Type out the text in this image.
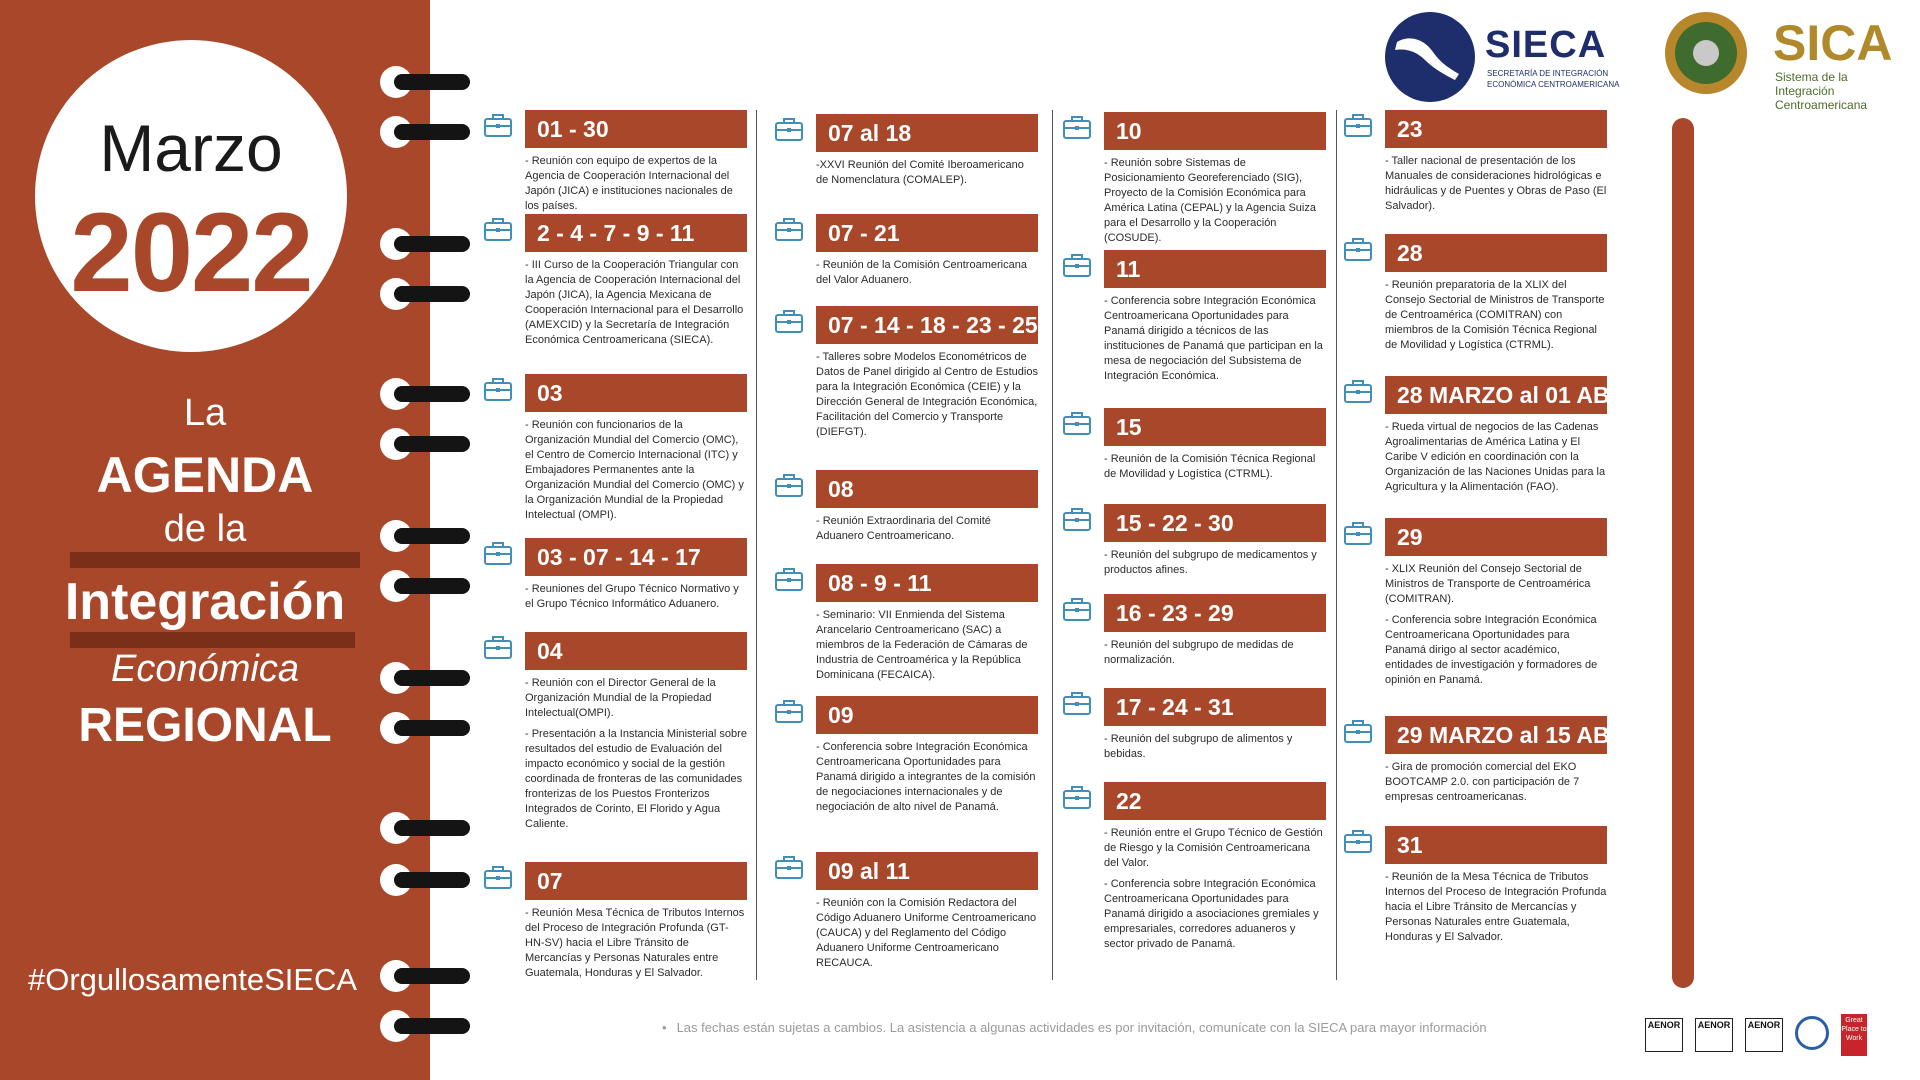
Marzo
2022
La
AGENDA
de la
Integración
Económica
REGIONAL
#OrgullosamenteSIECA
SIECA
SECRETARÍA DE INTEGRACIÓN
ECONÓMICA CENTROAMERICANA
SICA
Sistema de la Integración
Centroamericana
01 - 30

- Reunión con equipo de expertos de la Agencia de Cooperación Internacional del Japón (JICA) e instituciones nacionales de los países.

2 - 4 - 7 - 9 - 11

- III Curso de la Cooperación Triangular con la Agencia de Cooperación Internacional del Japón (JICA), la Agencia Mexicana de Cooperación Internacional para el Desarrollo (AMEXCID) y la Secretaría de Integración Económica Centroamericana (SIECA).

03

- Reunión con funcionarios de la Organización Mundial del Comercio (OMC), el Centro de Comercio Internacional (ITC) y Embajadores Permanentes ante la Organización Mundial del Comercio (OMC) y la Organización Mundial de la Propiedad Intelectual (OMPI).

03 - 07 - 14 - 17

- Reuniones del Grupo Técnico Normativo y el Grupo Técnico Informático Aduanero.

04

- Reunión con el Director General de la Organización Mundial de la Propiedad Intelectual(OMPI).

- Presentación a la Instancia Ministerial sobre resultados del estudio de Evaluación del impacto económico y social de la gestión coordinada de fronteras de las comunidades fronterizas de los Puestos Fronterizos Integrados de Corinto, El Florido y Agua Caliente.

07

- Reunión Mesa Técnica de Tributos Internos del Proceso de Integración Profunda (GT-HN-SV) hacia el Libre Tránsito de Mercancías y Personas Naturales entre Guatemala, Honduras y El Salvador.

07 al 18

-XXVI Reunión del Comité Iberoamericano de Nomenclatura (COMALEP).

07 - 21

- Reunión de la Comisión Centroamericana del Valor Aduanero.

07 - 14 - 18 - 23 - 25

- Talleres sobre Modelos Econométricos de Datos de Panel dirigido al Centro de Estudios para la Integración Económica (CEIE) y la Dirección General de Integración Económica, Facilitación del Comercio y Transporte (DIEFGT).

08

- Reunión Extraordinaria del Comité Aduanero Centroamericano.

08 - 9 - 11

- Seminario: VII Enmienda del Sistema Arancelario Centroamericano (SAC) a miembros de la Federación de Cámaras de Industria de Centroamérica y la República Dominicana (FECAICA).

09

- Conferencia sobre Integración Económica Centroamericana Oportunidades para Panamá dirigido a integrantes de la comisión de negociaciones internacionales y de negociación de alto nivel de Panamá.

09 al 11

- Reunión con la Comisión Redactora del Código Aduanero Uniforme Centroamericano (CAUCA) y del Reglamento del Código Aduanero Uniforme Centroamericano RECAUCA.

10

- Reunión sobre Sistemas de Posicionamiento Georeferenciado (SIG), Proyecto de la Comisión Económica para América Latina (CEPAL) y la Agencia Suiza para el Desarrollo y la Cooperación (COSUDE).

11

- Conferencia sobre Integración Económica Centroamericana Oportunidades para Panamá dirigido a técnicos de las instituciones de Panamá que participan en la mesa de negociación del Subsistema de Integración Económica.

15

- Reunión de la Comisión Técnica Regional de Movilidad y Logística (CTRML).

15 - 22 - 30

- Reunión del subgrupo de medicamentos y productos afines.

16 - 23 - 29

- Reunión del subgrupo de medidas de normalización.

17 - 24 - 31

- Reunión del subgrupo de alimentos y bebidas.

22

- Reunión entre el Grupo Técnico de Gestión de Riesgo y la Comisión Centroamericana del Valor.

- Conferencia sobre Integración Económica Centroamericana Oportunidades para Panamá dirigido a asociaciones gremiales y empresariales, corredores aduaneros y sector privado de Panamá.

23

- Taller nacional de presentación de los Manuales de consideraciones hidrológicas e hidráulicas y de Puentes y Obras de Paso (El Salvador).

28

- Reunión preparatoria de la XLIX del Consejo Sectorial de Ministros de Transporte de Centroamérica (COMITRAN) con miembros de la Comisión Técnica Regional de Movilidad y Logística (CTRML).

28 MARZO al 01 ABRIL

- Rueda virtual de negocios de las Cadenas Agroalimentarias de América Latina y El Caribe V edición en coordinación con la Organización de las Naciones Unidas para la Agricultura y la Alimentación (FAO).

29

- XLIX Reunión del Consejo Sectorial de Ministros de Transporte de Centroamérica (COMITRAN).

- Conferencia sobre Integración Económica Centroamericana Oportunidades para Panamá dirigo al sector académico, entidades de investigación y formadores de opinión en Panamá.

29 MARZO al 15 ABRIL

- Gira de promoción comercial del EKO BOOTCAMP 2.0. con participación de 7 empresas centroamericanas.

31

- Reunión de la Mesa Técnica de Tributos Internos del Proceso de Integración Profunda hacia el Libre Tránsito de Mercancías y Personas Naturales entre Guatemala, Honduras y El Salvador.

• Las fechas están sujetas a cambios. La asistencia a algunas actividades es por invitación, comunícate con la SIECA para mayor información	AENOR	AENOR	AENOR	Great Place to Work
